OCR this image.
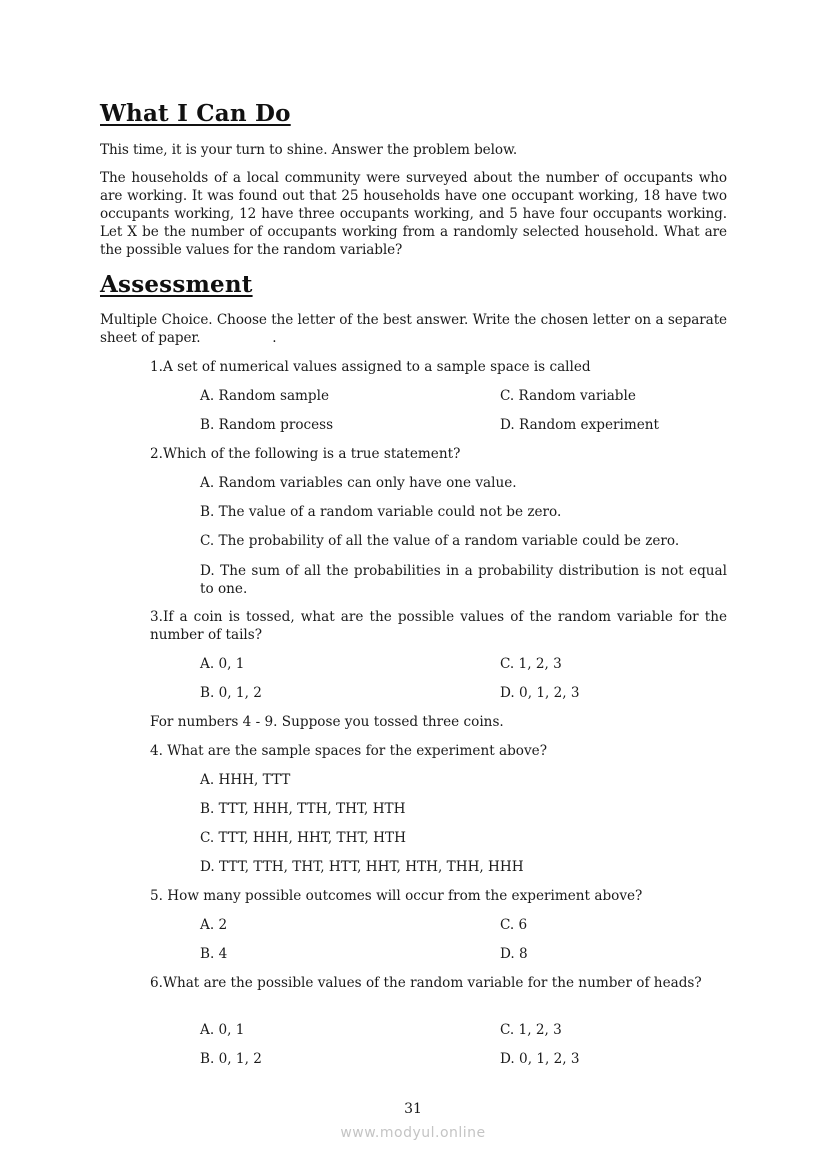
What I Can Do
This time, it is your turn to shine. Answer the problem below.
The households of a local community were surveyed about the number of occupants who are working. It was found out that 25 households have one occupant working, 18 have two occupants working, 12 have three occupants working, and 5 have four occupants working. Let X be the number of occupants working from a randomly selected household. What are the possible values for the random variable?
Assessment
Multiple Choice. Choose the letter of the best answer. Write the chosen letter on a separate sheet of paper.                 .
1.A set of numerical values assigned to a sample space is called
A. Random sample	C. Random variable
B. Random process	D. Random experiment
2.Which of the following is a true statement?
A. Random variables can only have one value.
B. The value of a random variable could not be zero.
C. The probability of all the value of a random variable could be zero.
D. The sum of all the probabilities in a probability distribution is not equal to one.
3.If a coin is tossed, what are the possible values of the random variable for the number of tails?
A. 0, 1	C. 1, 2, 3
B. 0, 1, 2	D. 0, 1, 2, 3
For numbers 4 - 9. Suppose you tossed three coins.
4. What are the sample spaces for the experiment above?
A. HHH, TTT
B. TTT, HHH, TTH, THT, HTH
C. TTT, HHH, HHT, THT, HTH
D. TTT, TTH, THT, HTT, HHT, HTH, THH, HHH
5. How many possible outcomes will occur from the experiment above?
A. 2	C. 6
B. 4	D. 8
6.What are the possible values of the random variable for the number of heads?
A. 0, 1	C. 1, 2, 3
B. 0, 1, 2	D. 0, 1, 2, 3
31
www.modyul.online
